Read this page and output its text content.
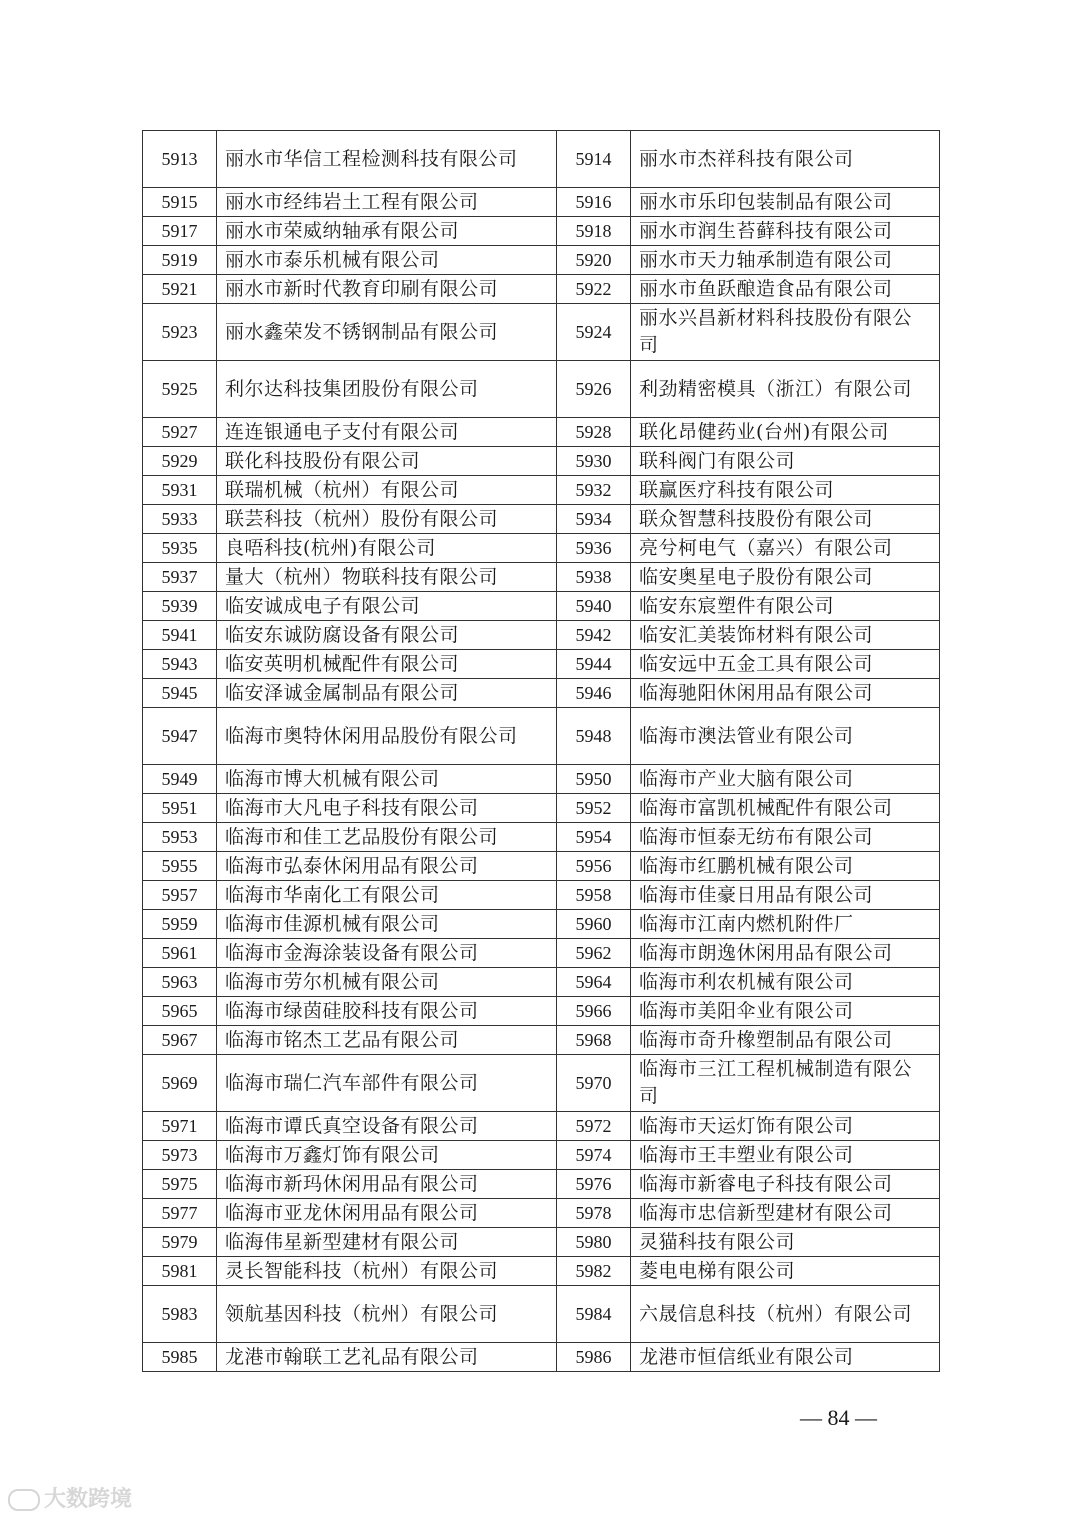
5913	丽水市华信工程检测科技有限公司	5914	丽水市杰祥科技有限公司
5915	丽水市经纬岩土工程有限公司	5916	丽水市乐印包装制品有限公司
5917	丽水市荣威纳轴承有限公司	5918	丽水市润生苔藓科技有限公司
5919	丽水市泰乐机械有限公司	5920	丽水市天力轴承制造有限公司
5921	丽水市新时代教育印刷有限公司	5922	丽水市鱼跃酿造食品有限公司
5923	丽水鑫荣发不锈钢制品有限公司	5924	丽水兴昌新材料科技股份有限公司
5925	利尔达科技集团股份有限公司	5926	利劲精密模具（浙江）有限公司
5927	连连银通电子支付有限公司	5928	联化昂健药业(台州)有限公司
5929	联化科技股份有限公司	5930	联科阀门有限公司
5931	联瑞机械（杭州）有限公司	5932	联赢医疗科技有限公司
5933	联芸科技（杭州）股份有限公司	5934	联众智慧科技股份有限公司
5935	良唔科技(杭州)有限公司	5936	亮兮柯电气（嘉兴）有限公司
5937	量大（杭州）物联科技有限公司	5938	临安奥星电子股份有限公司
5939	临安诚成电子有限公司	5940	临安东宸塑件有限公司
5941	临安东诚防腐设备有限公司	5942	临安汇美装饰材料有限公司
5943	临安英明机械配件有限公司	5944	临安远中五金工具有限公司
5945	临安泽诚金属制品有限公司	5946	临海驰阳休闲用品有限公司
5947	临海市奥特休闲用品股份有限公司	5948	临海市澳法管业有限公司
5949	临海市博大机械有限公司	5950	临海市产业大脑有限公司
5951	临海市大凡电子科技有限公司	5952	临海市富凯机械配件有限公司
5953	临海市和佳工艺品股份有限公司	5954	临海市恒泰无纺布有限公司
5955	临海市弘泰休闲用品有限公司	5956	临海市红鹏机械有限公司
5957	临海市华南化工有限公司	5958	临海市佳豪日用品有限公司
5959	临海市佳源机械有限公司	5960	临海市江南内燃机附件厂
5961	临海市金海涂装设备有限公司	5962	临海市朗逸休闲用品有限公司
5963	临海市劳尔机械有限公司	5964	临海市利农机械有限公司
5965	临海市绿茵硅胶科技有限公司	5966	临海市美阳伞业有限公司
5967	临海市铭杰工艺品有限公司	5968	临海市奇升橡塑制品有限公司
5969	临海市瑞仁汽车部件有限公司	5970	临海市三江工程机械制造有限公司
5971	临海市谭氏真空设备有限公司	5972	临海市天运灯饰有限公司
5973	临海市万鑫灯饰有限公司	5974	临海市王丰塑业有限公司
5975	临海市新玛休闲用品有限公司	5976	临海市新睿电子科技有限公司
5977	临海市亚龙休闲用品有限公司	5978	临海市忠信新型建材有限公司
5979	临海伟星新型建材有限公司	5980	灵猫科技有限公司
5981	灵长智能科技（杭州）有限公司	5982	菱电电梯有限公司
5983	领航基因科技（杭州）有限公司	5984	六晟信息科技（杭州）有限公司
5985	龙港市翰联工艺礼品有限公司	5986	龙港市恒信纸业有限公司
— 84 —
大数跨境
